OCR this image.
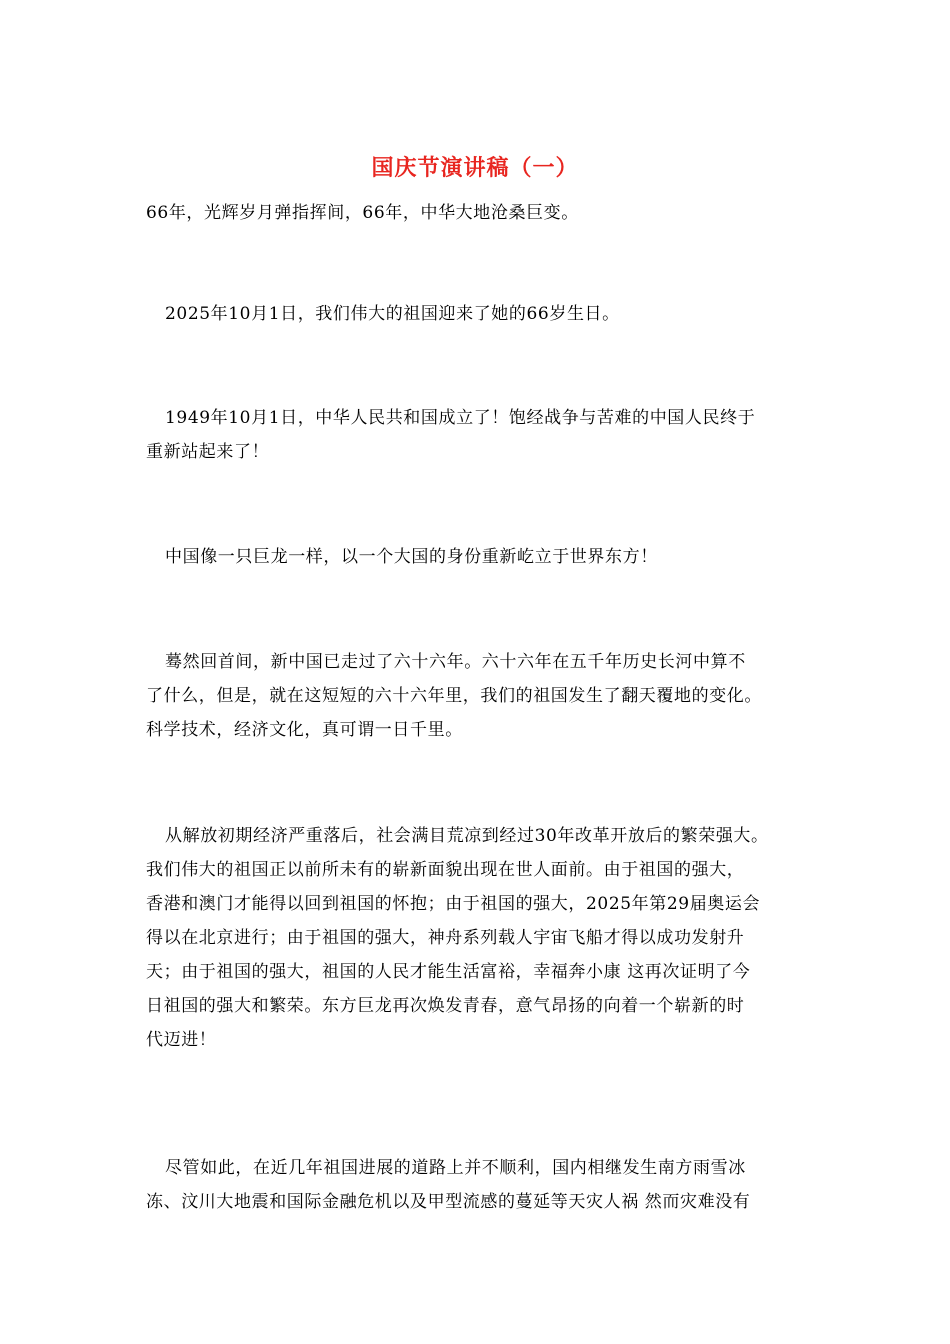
国庆节演讲稿（一）
66年，光辉岁月弹指挥间，66年，中华大地沧桑巨变。
2025年10月1日，我们伟大的祖国迎来了她的66岁生日。
1949年10月1日，中华人民共和国成立了！饱经战争与苦难的中国人民终于
重新站起来了！
中国像一只巨龙一样，以一个大国的身份重新屹立于世界东方！
蓦然回首间，新中国已走过了六十六年。六十六年在五千年历史长河中算不
了什么，但是，就在这短短的六十六年里，我们的祖国发生了翻天覆地的变化。
科学技术，经济文化，真可谓一日千里。
从解放初期经济严重落后，社会满目荒凉到经过30年改革开放后的繁荣强大。
我们伟大的祖国正以前所未有的崭新面貌出现在世人面前。由于祖国的强大，
香港和澳门才能得以回到祖国的怀抱；由于祖国的强大，2025年第29届奥运会
得以在北京进行；由于祖国的强大，神舟系列载人宇宙飞船才得以成功发射升
天；由于祖国的强大，祖国的人民才能生活富裕，幸福奔小康 这再次证明了今
日祖国的强大和繁荣。东方巨龙再次焕发青春，意气昂扬的向着一个崭新的时
代迈进！
尽管如此，在近几年祖国进展的道路上并不顺利，国内相继发生南方雨雪冰
冻、汶川大地震和国际金融危机以及甲型流感的蔓延等天灾人祸 然而灾难没有
